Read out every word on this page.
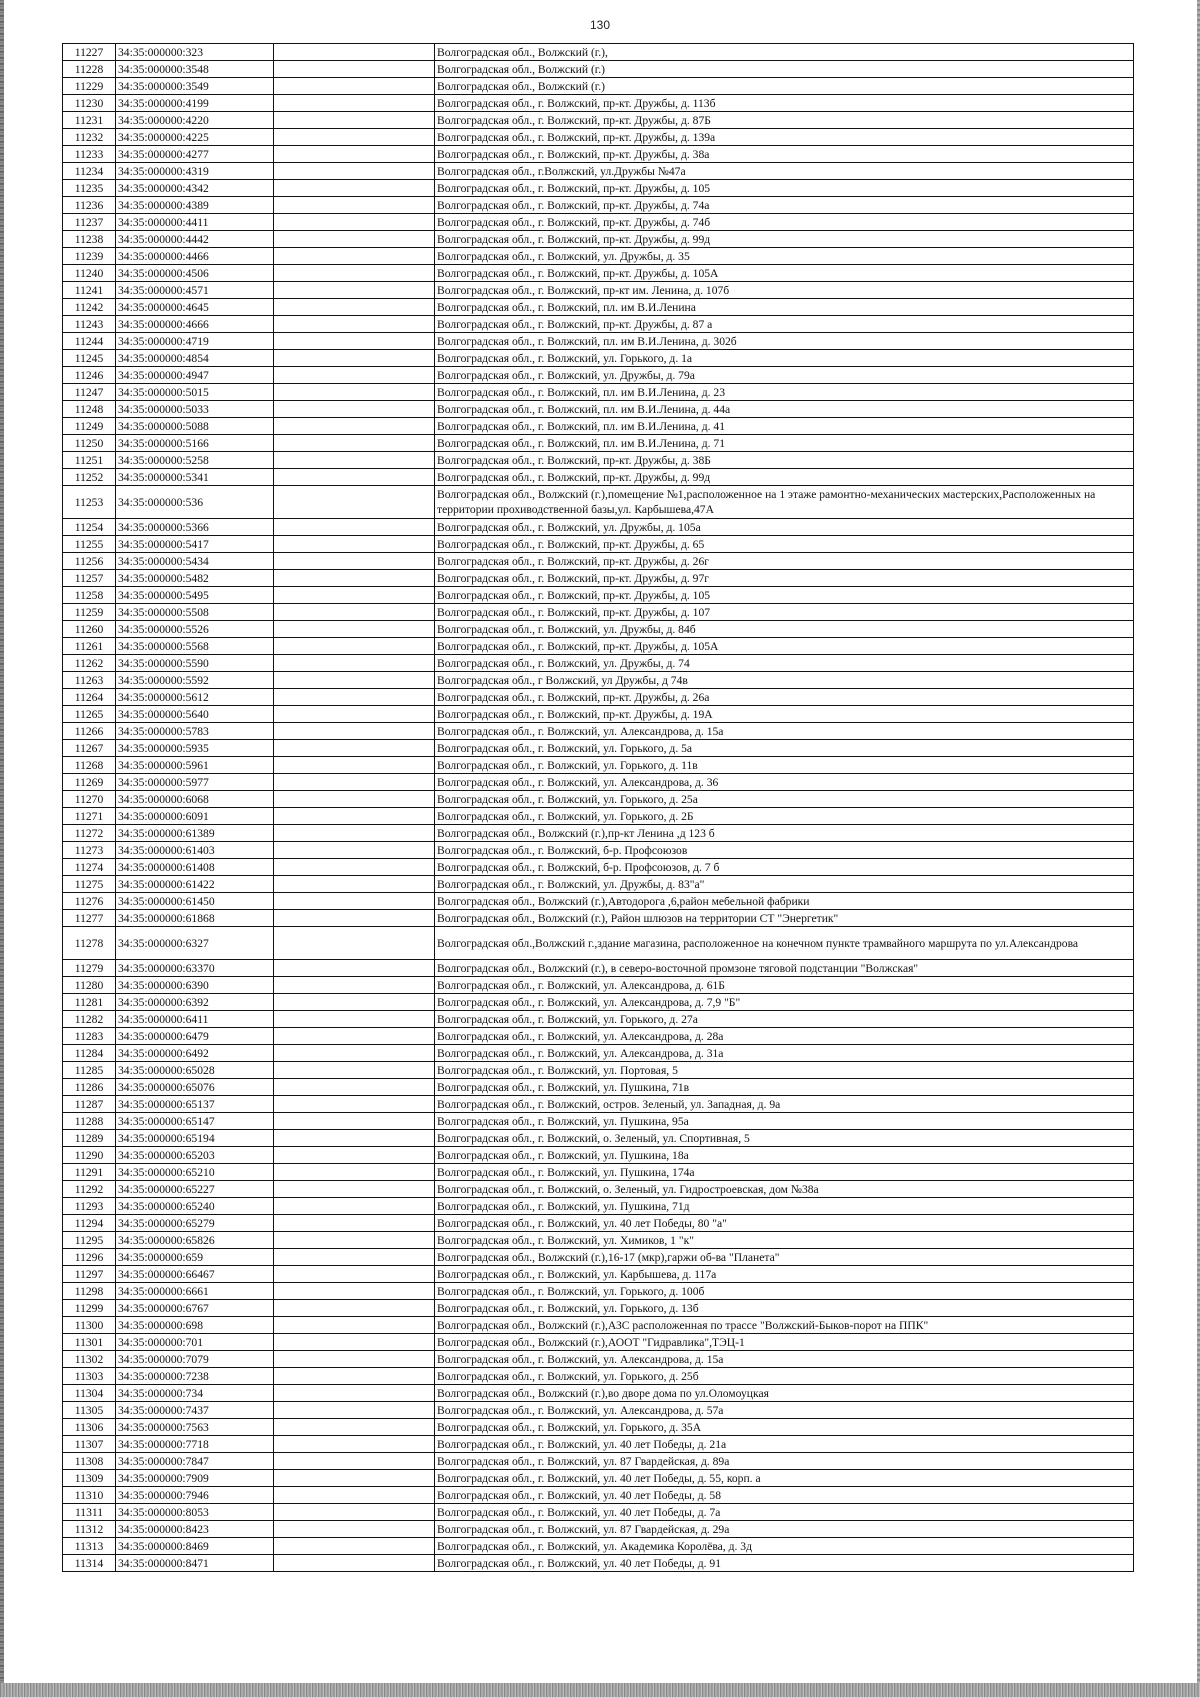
130
11227	34:35:000000:323		Волгоградская обл., Волжский (г.),
11228	34:35:000000:3548		Волгоградская обл., Волжский (г.)
11229	34:35:000000:3549		Волгоградская обл., Волжский (г.)
11230	34:35:000000:4199		Волгоградская обл., г. Волжский, пр-кт. Дружбы, д. 113б
11231	34:35:000000:4220		Волгоградская обл., г. Волжский, пр-кт. Дружбы, д. 87Б
11232	34:35:000000:4225		Волгоградская обл., г. Волжский, пр-кт. Дружбы, д. 139а
11233	34:35:000000:4277		Волгоградская обл., г. Волжский, пр-кт. Дружбы, д. 38а
11234	34:35:000000:4319		Волгоградская обл., г.Волжский, ул.Дружбы №47а
11235	34:35:000000:4342		Волгоградская обл., г. Волжский, пр-кт. Дружбы, д. 105
11236	34:35:000000:4389		Волгоградская обл., г. Волжский, пр-кт. Дружбы, д. 74а
11237	34:35:000000:4411		Волгоградская обл., г. Волжский, пр-кт. Дружбы, д. 74б
11238	34:35:000000:4442		Волгоградская обл., г. Волжский, пр-кт. Дружбы, д. 99д
11239	34:35:000000:4466		Волгоградская обл., г. Волжский, ул. Дружбы, д. 35
11240	34:35:000000:4506		Волгоградская обл., г. Волжский, пр-кт. Дружбы, д. 105А
11241	34:35:000000:4571		Волгоградская обл., г. Волжский, пр-кт им. Ленина, д. 107б
11242	34:35:000000:4645		Волгоградская обл., г. Волжский, пл. им В.И.Ленина
11243	34:35:000000:4666		Волгоградская обл., г. Волжский, пр-кт. Дружбы, д. 87 а
11244	34:35:000000:4719		Волгоградская обл., г. Волжский, пл. им В.И.Ленина, д. 302б
11245	34:35:000000:4854		Волгоградская обл., г. Волжский, ул. Горького, д. 1а
11246	34:35:000000:4947		Волгоградская обл., г. Волжский, ул. Дружбы, д. 79а
11247	34:35:000000:5015		Волгоградская обл., г. Волжский, пл. им В.И.Ленина, д. 23
11248	34:35:000000:5033		Волгоградская обл., г. Волжский, пл. им В.И.Ленина, д. 44а
11249	34:35:000000:5088		Волгоградская обл., г. Волжский, пл. им В.И.Ленина, д. 41
11250	34:35:000000:5166		Волгоградская обл., г. Волжский, пл. им В.И.Ленина, д. 71
11251	34:35:000000:5258		Волгоградская обл., г. Волжский, пр-кт. Дружбы, д. 38Б
11252	34:35:000000:5341		Волгоградская обл., г. Волжский, пр-кт. Дружбы, д. 99д
11253	34:35:000000:536		Волгоградская обл., Волжский (г.),помещение №1,расположенное на 1 этаже рамонтно-механических мастерских,Расположенных на территории прохиводственной базы,ул. Карбышева,47А
11254	34:35:000000:5366		Волгоградская обл., г. Волжский, ул. Дружбы, д. 105а
11255	34:35:000000:5417		Волгоградская обл., г. Волжский, пр-кт. Дружбы, д. 65
11256	34:35:000000:5434		Волгоградская обл., г. Волжский, пр-кт. Дружбы, д. 26г
11257	34:35:000000:5482		Волгоградская обл., г. Волжский, пр-кт. Дружбы, д. 97г
11258	34:35:000000:5495		Волгоградская обл., г. Волжский, пр-кт. Дружбы, д. 105
11259	34:35:000000:5508		Волгоградская обл., г. Волжский, пр-кт. Дружбы, д. 107
11260	34:35:000000:5526		Волгоградская обл., г. Волжский, ул. Дружбы, д. 84б
11261	34:35:000000:5568		Волгоградская обл., г. Волжский, пр-кт. Дружбы, д. 105А
11262	34:35:000000:5590		Волгоградская обл., г. Волжский, ул. Дружбы, д. 74
11263	34:35:000000:5592		Волгоградская обл., г Волжский, ул Дружбы, д 74в
11264	34:35:000000:5612		Волгоградская обл., г. Волжский, пр-кт. Дружбы, д. 26а
11265	34:35:000000:5640		Волгоградская обл., г. Волжский, пр-кт. Дружбы, д. 19А
11266	34:35:000000:5783		Волгоградская обл., г. Волжский, ул. Александрова, д. 15а
11267	34:35:000000:5935		Волгоградская обл., г. Волжский, ул. Горького, д. 5а
11268	34:35:000000:5961		Волгоградская обл., г. Волжский, ул. Горького, д. 11в
11269	34:35:000000:5977		Волгоградская обл., г. Волжский, ул. Александрова, д. 36
11270	34:35:000000:6068		Волгоградская обл., г. Волжский, ул. Горького, д. 25а
11271	34:35:000000:6091		Волгоградская обл., г. Волжский, ул. Горького, д. 2Б
11272	34:35:000000:61389		Волгоградская обл., Волжский (г.),пр-кт Ленина ,д 123 б
11273	34:35:000000:61403		Волгоградская обл., г. Волжский, б-р. Профсоюзов
11274	34:35:000000:61408		Волгоградская обл., г. Волжский, б-р. Профсоюзов, д. 7 б
11275	34:35:000000:61422		Волгоградская обл., г. Волжский, ул. Дружбы, д. 83"а"
11276	34:35:000000:61450		Волгоградская обл., Волжский (г.),Автодорога ,6,район мебельной фабрики
11277	34:35:000000:61868		Волгоградская обл., Волжский (г.), Район шлюзов на территории СТ "Энергетик"
11278	34:35:000000:6327		Волгоградская обл.,Волжский г.,здание магазина, расположенное на конечном пункте трамвайного маршрута по ул.Александрова
11279	34:35:000000:63370		Волгоградская обл., Волжский (г.), в северо-восточной промзоне тяговой подстанции "Волжская"
11280	34:35:000000:6390		Волгоградская обл., г. Волжский, ул. Александрова, д. 61Б
11281	34:35:000000:6392		Волгоградская обл., г. Волжский, ул. Александрова, д. 7,9 "Б"
11282	34:35:000000:6411		Волгоградская обл., г. Волжский, ул. Горького, д. 27а
11283	34:35:000000:6479		Волгоградская обл., г. Волжский, ул. Александрова, д. 28а
11284	34:35:000000:6492		Волгоградская обл., г. Волжский, ул. Александрова, д. 31а
11285	34:35:000000:65028		Волгоградская обл., г. Волжский, ул. Портовая, 5
11286	34:35:000000:65076		Волгоградская обл., г. Волжский, ул. Пушкина, 71в
11287	34:35:000000:65137		Волгоградская обл., г. Волжский, остров. Зеленый, ул. Западная, д. 9а
11288	34:35:000000:65147		Волгоградская обл., г. Волжский, ул. Пушкина, 95а
11289	34:35:000000:65194		Волгоградская обл., г. Волжский, о. Зеленый, ул. Спортивная, 5
11290	34:35:000000:65203		Волгоградская обл., г. Волжский, ул. Пушкина, 18а
11291	34:35:000000:65210		Волгоградская обл., г. Волжский, ул. Пушкина, 174а
11292	34:35:000000:65227		Волгоградская обл., г. Волжский, о. Зеленый, ул. Гидростроевская, дом №38а
11293	34:35:000000:65240		Волгоградская обл., г. Волжский, ул. Пушкина, 71д
11294	34:35:000000:65279		Волгоградская обл., г. Волжский, ул. 40 лет Победы, 80 "а"
11295	34:35:000000:65826		Волгоградская обл., г. Волжский, ул. Химиков, 1 "к"
11296	34:35:000000:659		Волгоградская обл., Волжский (г.),16-17 (мкр),гаржи об-ва "Планета"
11297	34:35:000000:66467		Волгоградская обл., г. Волжский, ул. Карбышева, д. 117а
11298	34:35:000000:6661		Волгоградская обл., г. Волжский, ул. Горького, д. 100б
11299	34:35:000000:6767		Волгоградская обл., г. Волжский, ул. Горького, д. 13б
11300	34:35:000000:698		Волгоградская обл., Волжский (г.),АЗС расположенная по трассе "Волжский-Быков-порот на ППК"
11301	34:35:000000:701		Волгоградская обл., Волжский (г.),АООТ "Гидравлика",ТЭЦ-1
11302	34:35:000000:7079		Волгоградская обл., г. Волжский, ул. Александрова, д. 15а
11303	34:35:000000:7238		Волгоградская обл., г. Волжский, ул. Горького, д. 25б
11304	34:35:000000:734		Волгоградская обл., Волжский (г.),во дворе дома по ул.Оломоуцкая
11305	34:35:000000:7437		Волгоградская обл., г. Волжский, ул. Александрова, д. 57а
11306	34:35:000000:7563		Волгоградская обл., г. Волжский, ул. Горького, д. 35А
11307	34:35:000000:7718		Волгоградская обл., г. Волжский, ул. 40 лет Победы, д. 21а
11308	34:35:000000:7847		Волгоградская обл., г. Волжский, ул. 87 Гвардейская, д. 89а
11309	34:35:000000:7909		Волгоградская обл., г. Волжский, ул. 40 лет Победы, д. 55, корп. а
11310	34:35:000000:7946		Волгоградская обл., г. Волжский, ул. 40 лет Победы, д. 58
11311	34:35:000000:8053		Волгоградская обл., г. Волжский, ул. 40 лет Победы, д. 7а
11312	34:35:000000:8423		Волгоградская обл., г. Волжский, ул. 87 Гвардейская, д. 29а
11313	34:35:000000:8469		Волгоградская обл., г. Волжский, ул. Академика Королёва, д. 3д
11314	34:35:000000:8471		Волгоградская обл., г. Волжский, ул. 40 лет Победы, д. 91
